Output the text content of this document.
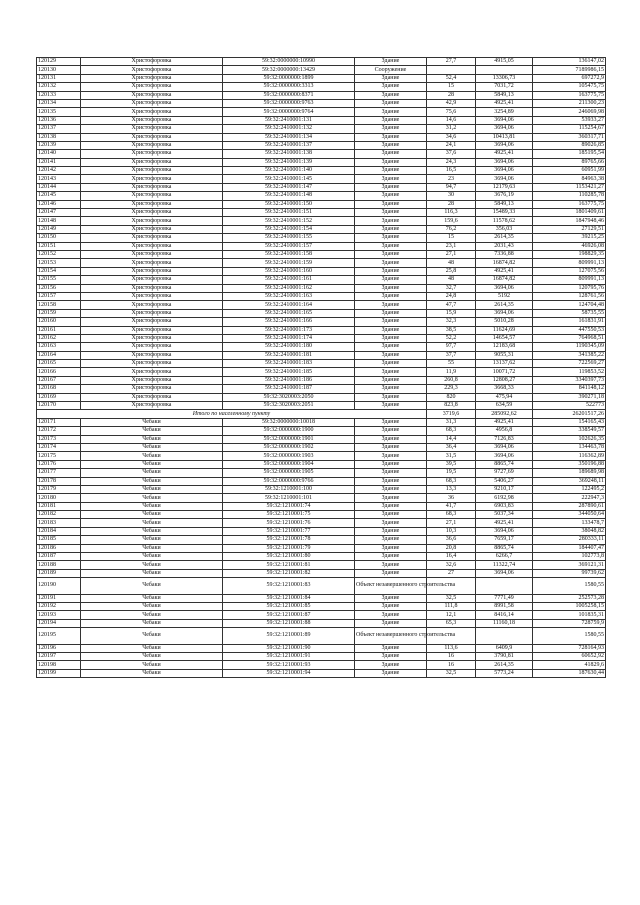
120129	Христофоровка	59:32:0000000:10990	Здание	27,7	4915,05	136147,02
120130	Христофоровка	59:32:0000000:13429	Сооружение			7189986,15
120131	Христофоровка	59:32:0000000:1899	Здание	52,4	13306,73	697272,9
120132	Христофоровка	59:32:0000000:3313	Здание	15	7031,72	105475,75
120133	Христофоровка	59:32:0000000:8371	Здание	28	5849,13	163775,75
120134	Христофоровка	59:32:0000000:9763	Здание	42,9	4925,41	211300,23
120135	Христофоровка	59:32:0000000:9764	Здание	75,6	3254,89	246069,98
120136	Христофоровка	59:32:2410001:131	Здание	14,6	3694,06	53933,27
120137	Христофоровка	59:32:2410001:132	Здание	31,2	3694,06	115254,67
120138	Христофоровка	59:32:2410001:134	Здание	34,6	10413,81	360317,71
120139	Христофоровка	59:32:2410001:137	Здание	24,1	3694,06	89026,85
120140	Христофоровка	59:32:2410001:138	Здание	37,6	4925,41	185195,54
120141	Христофоровка	59:32:2410001:139	Здание	24,3	3694,06	89765,66
120142	Христофоровка	59:32:2410001:140	Здание	16,5	3694,06	60951,99
120143	Христофоровка	59:32:2410001:145	Здание	23	3694,06	84963,38
120144	Христофоровка	59:32:2410001:147	Здание	94,7	12179,63	1153421,27
120145	Христофоровка	59:32:2410001:148	Здание	30	3676,19	110285,78
120146	Христофоровка	59:32:2410001:150	Здание	28	5849,13	163775,75
120147	Христофоровка	59:32:2410001:151	Здание	116,3	15489,33	1801409,61
120148	Христофоровка	59:32:2410001:152	Здание	159,6	11578,62	1847948,46
120149	Христофоровка	59:32:2410001:154	Здание	76,2	356,03	27129,51
120150	Христофоровка	59:32:2410001:155	Здание	15	2614,35	39215,25
120151	Христофоровка	59:32:2410001:157	Здание	23,1	2031,43	46926,08
120152	Христофоровка	59:32:2410001:158	Здание	27,1	7336,88	198829,35
120153	Христофоровка	59:32:2410001:159	Здание	48	16874,82	809991,13
120154	Христофоровка	59:32:2410001:160	Здание	25,8	4925,41	127075,56
120155	Христофоровка	59:32:2410001:161	Здание	48	16874,82	809991,13
120156	Христофоровка	59:32:2410001:162	Здание	32,7	3694,06	120795,76
120157	Христофоровка	59:32:2410001:163	Здание	24,8	5192	128761,56
120158	Христофоровка	59:32:2410001:164	Здание	47,7	2614,35	124704,48
120159	Христофоровка	59:32:2410001:165	Здание	15,9	3694,06	58735,55
120160	Христофоровка	59:32:2410001:166	Здание	32,3	5010,28	161831,91
120161	Христофоровка	59:32:2410001:173	Здание	38,5	11624,69	447550,53
120162	Христофоровка	59:32:2410001:174	Здание	52,2	14654,57	764968,51
120163	Христофоровка	59:32:2410001:180	Здание	97,7	12183,68	1190345,09
120164	Христофоровка	59:32:2410001:181	Здание	37,7	9055,31	341385,22
120165	Христофоровка	59:32:2410001:183	Здание	55	13137,62	722569,27
120166	Христофоровка	59:32:2410001:185	Здание	11,9	10071,72	119853,52
120167	Христофоровка	59:32:2410001:186	Здание	260,8	12808,27	3340397,73
120168	Христофоровка	59:32:2410001:187	Здание	229,3	3668,33	841148,12
120169	Христофоровка	59:32:3020003:2050	Здание	820	475,94	390271,18
120170	Христофоровка	59:32:3020003:2051	Здание	823,8	634,59	522773
Итого по населенному пункту				3719,6	285092,62	26201517,26
120171	Чебаки	59:32:0000000:10018	Здание	31,3	4925,41	154165,43
120172	Чебаки	59:32:0000000:1900	Здание	68,3	4956,8	338549,57
120173	Чебаки	59:32:0000000:1901	Здание	14,4	7126,83	102626,35
120174	Чебаки	59:32:0000000:1902	Здание	36,4	3694,06	134463,78
120175	Чебаки	59:32:0000000:1903	Здание	31,5	3694,06	116362,89
120176	Чебаки	59:32:0000000:1904	Здание	39,5	8865,74	350196,88
120177	Чебаки	59:32:0000000:1905	Здание	19,5	9727,69	189689,98
120178	Чебаки	59:32:0000000:9766	Здание	68,3	5406,27	369248,11
120179	Чебаки	59:32:1210001:100	Здание	13,3	9210,17	122495,2
120180	Чебаки	59:32:1210001:101	Здание	36	6192,98	222947,3
120181	Чебаки	59:32:1210001:74	Здание	41,7	6903,83	287890,61
120182	Чебаки	59:32:1210001:75	Здание	68,3	5037,34	344050,64
120183	Чебаки	59:32:1210001:76	Здание	27,1	4925,41	133478,7
120184	Чебаки	59:32:1210001:77	Здание	10,3	3694,06	38048,82
120185	Чебаки	59:32:1210001:78	Здание	36,6	7659,17	280333,11
120186	Чебаки	59:32:1210001:79	Здание	20,8	8865,74	184407,47
120187	Чебаки	59:32:1210001:80	Здание	16,4	6266,7	102773,8
120188	Чебаки	59:32:1210001:81	Здание	32,6	11322,74	369121,31
120189	Чебаки	59:32:1210001:82	Здание	27	3694,06	99739,62
120190	Чебаки	59:32:1210001:83	Объект незавершенного строительства			1580,55
120191	Чебаки	59:32:1210001:84	Здание	32,5	7771,49	252573,28
120192	Чебаки	59:32:1210001:85	Здание	111,8	8991,58	1005258,15
120193	Чебаки	59:32:1210001:87	Здание	12,1	8416,14	101835,31
120194	Чебаки	59:32:1210001:88	Здание	65,3	11160,18	728759,9
120195	Чебаки	59:32:1210001:89	Объект незавершенного строительства			1580,55
120196	Чебаки	59:32:1210001:90	Здание	113,6	6409,9	728164,93
120197	Чебаки	59:32:1210001:91	Здание	16	3790,81	60652,92
120198	Чебаки	59:32:1210001:93	Здание	16	2614,35	41829,6
120199	Чебаки	59:32:1210001:94	Здание	32,5	5773,24	187630,44
